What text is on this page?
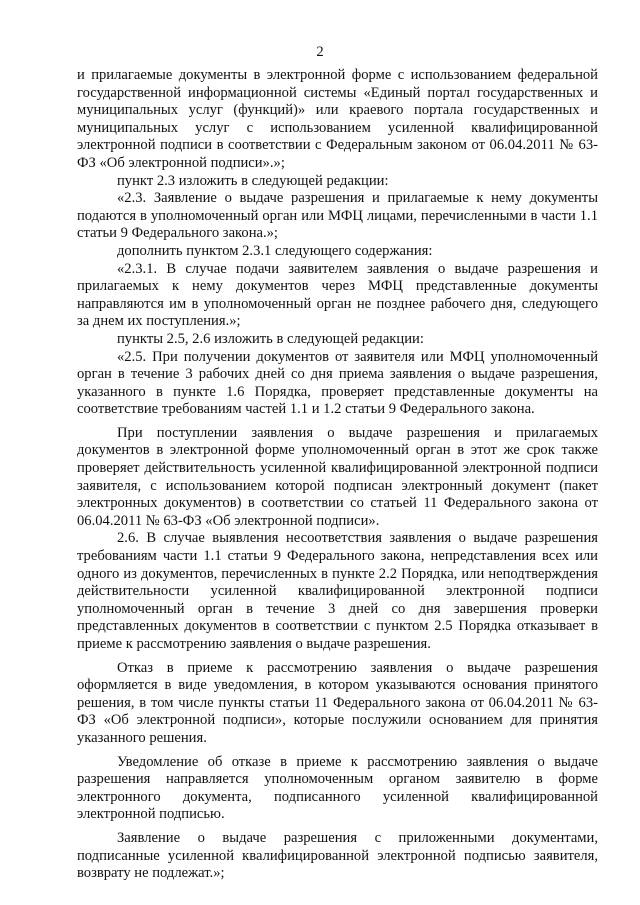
2

и прилагаемые документы в электронной форме с использованием федеральной государственной информационной системы «Единый портал государственных и муниципальных услуг (функций)» или краевого портала государственных и муниципальных услуг с использованием усиленной квалифицированной электронной подписи в соответствии с Федеральным законом от 06.04.2011 № 63-ФЗ «Об электронной подписи».»;

пункт 2.3 изложить в следующей редакции:

«2.3. Заявление о выдаче разрешения и прилагаемые к нему документы подаются в уполномоченный орган или МФЦ лицами, перечисленными в части 1.1 статьи 9 Федерального закона.»;

дополнить пунктом 2.3.1 следующего содержания:

«2.3.1. В случае подачи заявителем заявления о выдаче разрешения и прилагаемых к нему документов через МФЦ представленные документы направляются им в уполномоченный орган не позднее рабочего дня, следующего за днем их поступления.»;

пункты 2.5, 2.6 изложить в следующей редакции:

«2.5. При получении документов от заявителя или МФЦ уполномоченный орган в течение 3 рабочих дней со дня приема заявления о выдаче разрешения, указанного в пункте 1.6 Порядка, проверяет представленные документы на соответствие требованиям частей 1.1 и 1.2 статьи 9 Федерального закона.

При поступлении заявления о выдаче разрешения и прилагаемых документов в электронной форме уполномоченный орган в этот же срок также проверяет действительность усиленной квалифицированной электронной подписи заявителя, с использованием которой подписан электронный документ (пакет электронных документов) в соответствии со статьей 11 Федерального закона от 06.04.2011 № 63-ФЗ «Об электронной подписи».

2.6. В случае выявления несоответствия заявления о выдаче разрешения требованиям части 1.1 статьи 9 Федерального закона, непредставления всех или одного из документов, перечисленных в пункте 2.2 Порядка, или неподтверждения действительности усиленной квалифицированной электронной подписи уполномоченный орган в течение 3 дней со дня завершения проверки представленных документов в соответствии с пунктом 2.5 Порядка отказывает в приеме к рассмотрению заявления о выдаче разрешения.

Отказ в приеме к рассмотрению заявления о выдаче разрешения оформляется в виде уведомления, в котором указываются основания принятого решения, в том числе пункты статьи 11 Федерального закона от 06.04.2011 № 63-ФЗ «Об электронной подписи», которые послужили основанием для принятия указанного решения.

Уведомление об отказе в приеме к рассмотрению заявления о выдаче разрешения направляется уполномоченным органом заявителю в форме электронного документа, подписанного усиленной квалифицированной электронной подписью.

Заявление о выдаче разрешения с приложенными документами, подписанные усиленной квалифицированной электронной подписью заявителя, возврату не подлежат.»;
